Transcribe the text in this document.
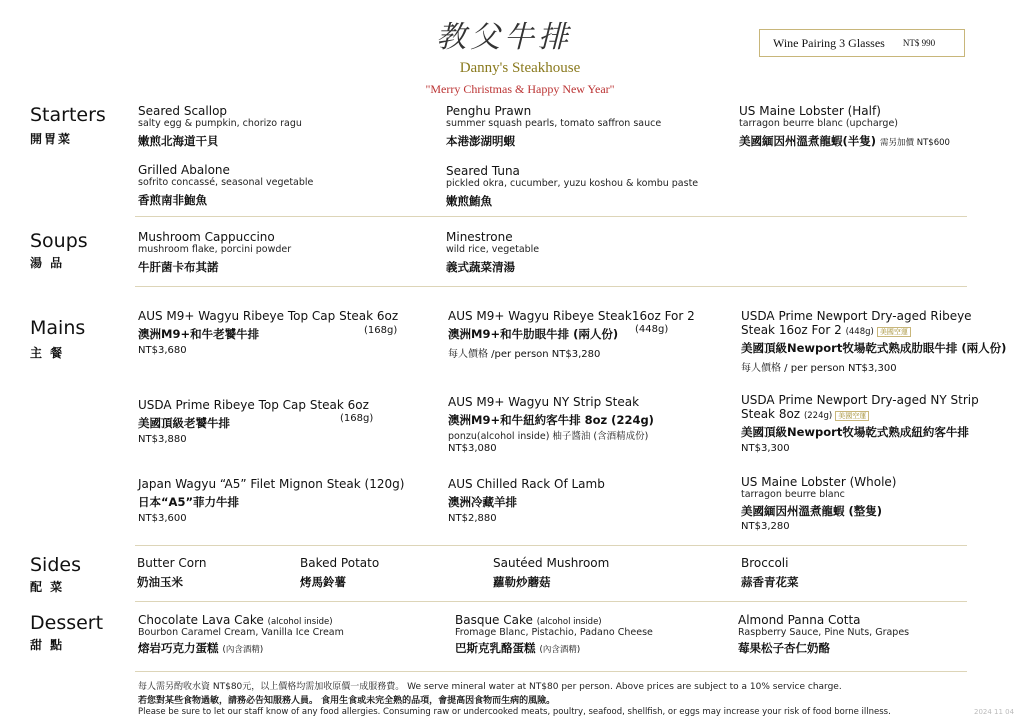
教父牛排
Danny's Steakhouse
"Merry Christmas & Happy New Year"
Wine Pairing 3 Glasses NT$ 990
Starters
開胃菜
Seared Scallop
salty egg & pumpkin, chorizo ragu
嫩煎北海道干貝
Penghu Prawn
summer squash pearls, tomato saffron sauce
本港澎湖明蝦
US Maine Lobster (Half)
tarragon beurre blanc (upcharge)
美國緬因州溫煮龍蝦(半隻) 需另加價 NT$600
Grilled Abalone
sofrito concassé, seasonal vegetable
香煎南非鮑魚
Seared Tuna
pickled okra, cucumber, yuzu koshou & kombu paste
嫩煎鮪魚
Soups
湯 品
Mushroom Cappuccino
mushroom flake, porcini powder
牛肝菌卡布其諾
Minestrone
wild rice, vegetable
義式蔬菜清湯
Mains
主 餐
AUS M9+ Wagyu Ribeye Top Cap Steak 6oz
(168g)
澳洲M9+和牛老饕牛排
NT$3,680
AUS M9+ Wagyu Ribeye Steak16oz For 2
(448g)
澳洲M9+和牛肋眼牛排 (兩人份)
每人價格 /per person NT$3,280
USDA Prime Newport Dry-aged Ribeye
Steak 16oz For 2 (448g) 美國空運
美國頂級Newport牧場乾式熟成肋眼牛排 (兩人份)
每人價格 / per person NT$3,300
USDA Prime Ribeye Top Cap Steak 6oz
(168g)
美國頂級老饕牛排
NT$3,880
AUS M9+ Wagyu NY Strip Steak
澳洲M9+和牛紐約客牛排 8oz (224g)
ponzu(alcohol inside) 柚子醬油 (含酒精成份)
NT$3,080
USDA Prime Newport Dry-aged NY Strip
Steak 8oz (224g) 美國空運
美國頂級Newport牧場乾式熟成紐約客牛排
NT$3,300
Japan Wagyu “A5” Filet Mignon Steak (120g)
日本“A5”菲力牛排
NT$3,600
AUS Chilled Rack Of Lamb
澳洲冷藏羊排
NT$2,880
US Maine Lobster (Whole)
tarragon beurre blanc
美國緬因州溫煮龍蝦 (整隻)
NT$3,280
Sides
配 菜
Butter Corn
奶油玉米
Baked Potato
烤馬鈴薯
Sautéed Mushroom
蘿勒炒蘑菇
Broccoli
蒜香青花菜
Dessert
甜 點
Chocolate Lava Cake (alcohol inside)
Bourbon Caramel Cream, Vanilla Ice Cream
熔岩巧克力蛋糕 (內含酒精)
Basque Cake (alcohol inside)
Fromage Blanc, Pistachio, Padano Cheese
巴斯克乳酪蛋糕 (內含酒精)
Almond Panna Cotta
Raspberry Sauce, Pine Nuts, Grapes
莓果松子杏仁奶酪
每人需另酌收水資 NT$80元，以上價格均需加收原價一成服務費。 We serve mineral water at NT$80 per person. Above prices are subject to a 10% service charge.
若您對某些食物過敏，請務必告知服務人員。 食用生食或未完全熟的品項，會提高因食物而生病的風險。
Please be sure to let our staff know of any food allergies. Consuming raw or undercooked meats, poultry, seafood, shellfish, or eggs may increase your risk of food borne illness.	2024 11 04
